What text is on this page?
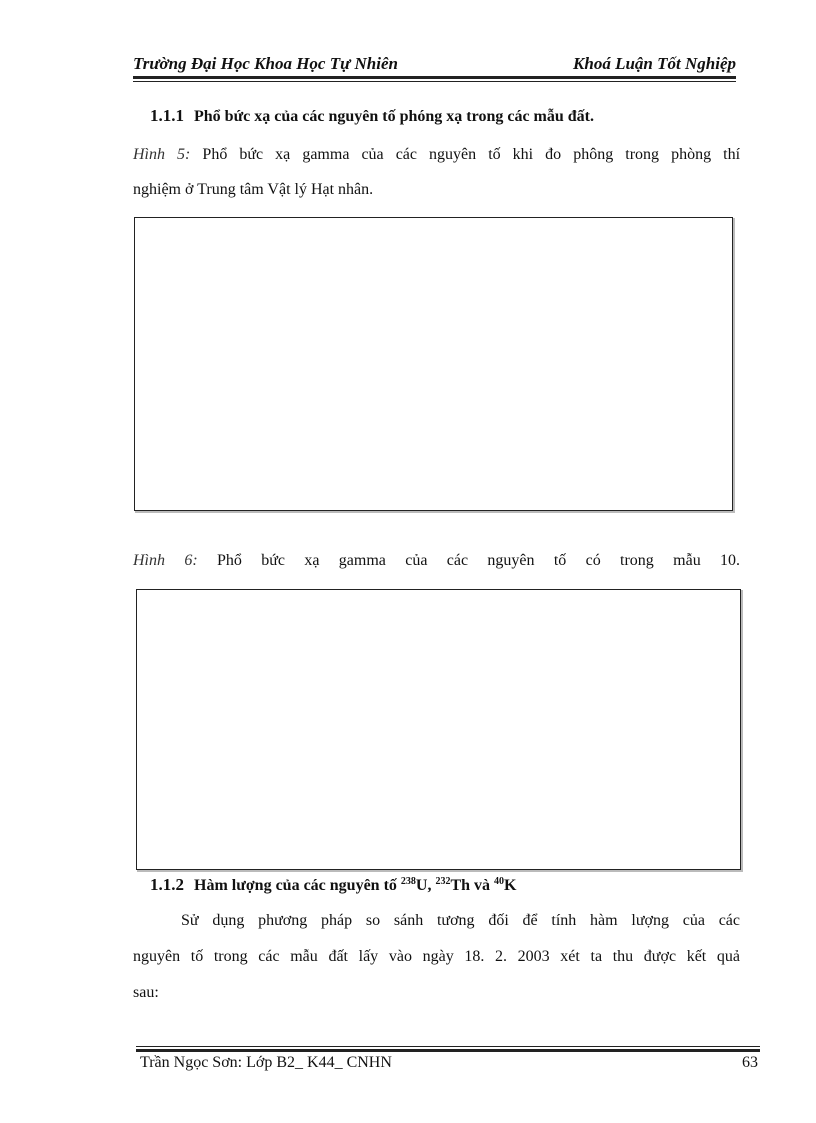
Trường Đại Học Khoa Học Tự Nhiên	Khoá Luận Tốt Nghiệp
1.1.1 Phổ bức xạ của các nguyên tố phóng xạ trong các mẫu đất.
Hình 5: Phổ bức xạ gamma của các nguyên tố khi đo phông trong phòng thí
nghiệm ở Trung tâm Vật lý Hạt nhân.
Hình 6: Phổ bức xạ gamma của các nguyên tố có trong mẫu 10.
1.1.2 Hàm lượng của các nguyên tố $^{238}$U, $^{232}$Th và $^{40}$K
Sử dụng phương pháp so sánh tương đối để tính hàm lượng của các
nguyên tố trong các mẫu đất lấy vào ngày 18. 2. 2003 xét ta thu được kết quả
sau:
Trần Ngọc Sơn: Lớp B2_ K44_ CNHN	63
